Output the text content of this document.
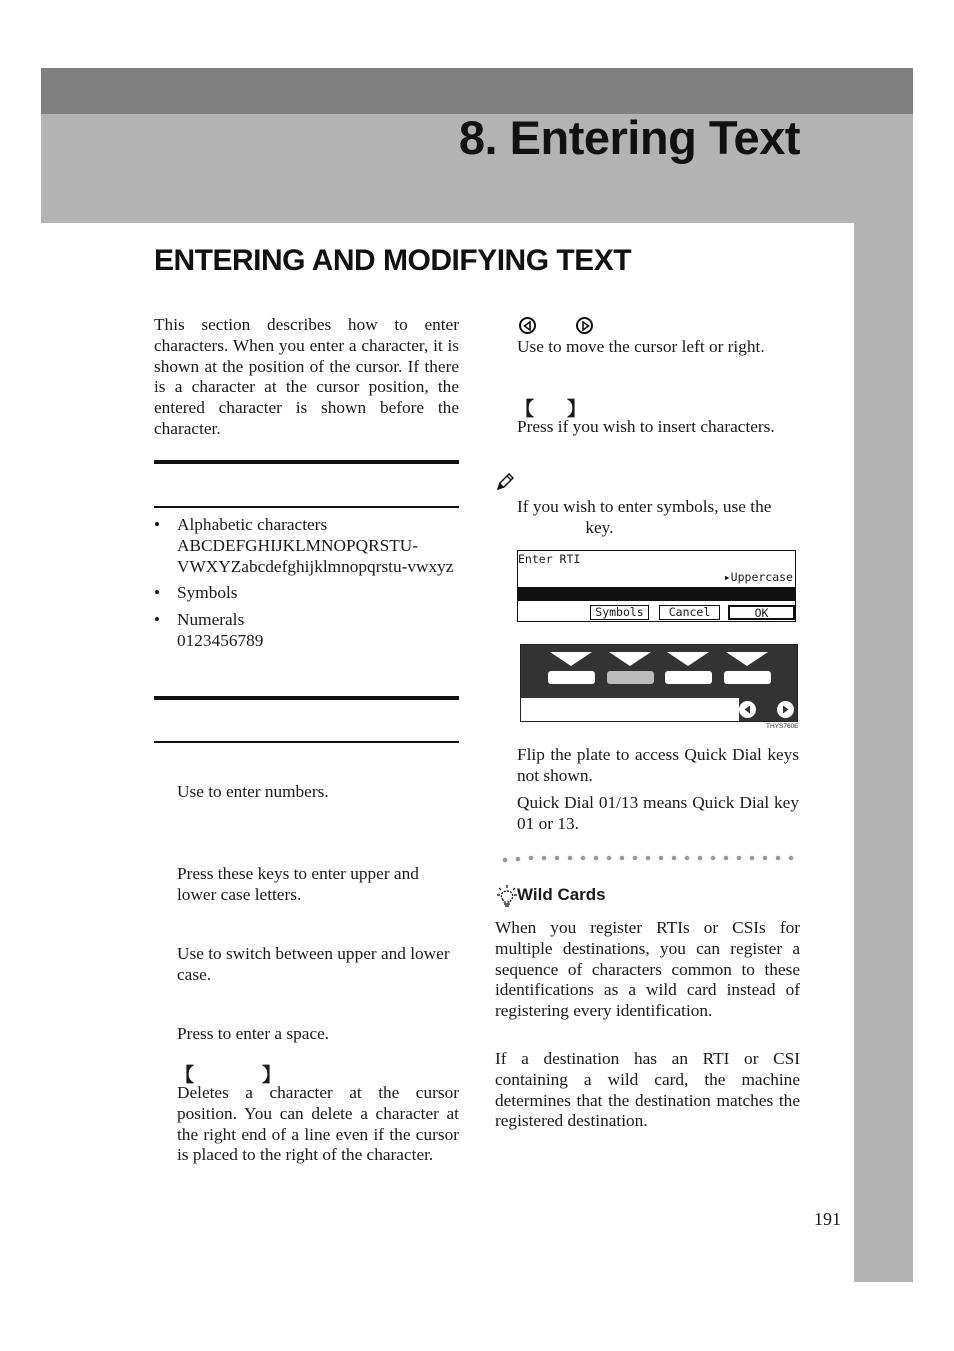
8. Entering Text
ENTERING AND MODIFYING TEXT
This section describes how to enter characters. When you enter a character, it is shown at the position of the cursor. If there is a character at the cursor position, the entered character is shown before the character.
• Alphabetic characters
ABCDEFGHIJKLMNOPQRSTU-VWXYZabcdefghijklmnopqrstu-vwxyz
• Symbols
• Numerals
0123456789
Use to enter numbers.
Press these keys to enter upper and lower case letters.
Use to switch between upper and lower case.
Press to enter a space.
【	】
Deletes a character at the cursor position. You can delete a character at the right end of a line even if the cursor is placed to the right of the character.
Use to move the cursor left or right.
【 】
Press if you wish to insert characters.
If you wish to enter symbols, use the  key.
Enter RTI
▸Uppercase
Symbols	Cancel	OK
THYS760E
Flip the plate to access Quick Dial keys not shown.
Quick Dial 01/13 means Quick Dial key 01 or 13.
Wild Cards
When you register RTIs or CSIs for multiple destinations, you can register a sequence of characters common to these identifications as a wild card instead of registering every identification.
If a destination has an RTI or CSI containing a wild card, the machine determines that the destination matches the registered destination.
191
